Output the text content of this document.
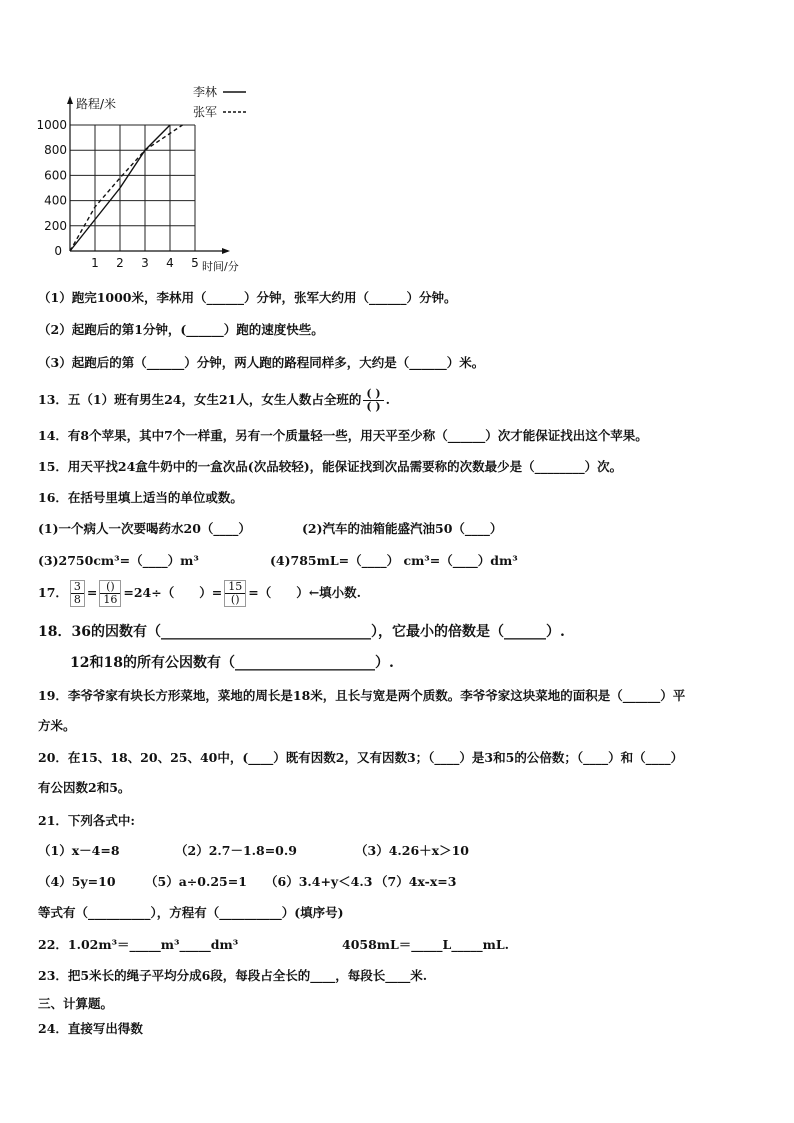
1000
800
600
400
200
1 2 3 4 5
0
路程/米
时间/分
李林
张军
（1）跑完1000米，李林用（______）分钟，张军大约用（______）分钟。
（2）起跑后的第1分钟，(______）跑的速度快些。
（3）起跑后的第（______）分钟，两人跑的路程同样多，大约是（______）米。
13．五（1）班有男生24，女生21人，女生人数占全班的 $\frac{( )}{( )}$ .
14．有8个苹果，其中7个一样重，另有一个质量轻一些，用天平至少称（______）次才能保证找出这个苹果。
15．用天平找24盒牛奶中的一盒次品(次品较轻)，能保证找到次品需要称的次数最少是（________）次。
16．在括号里填上适当的单位或数。
(1)一个病人一次要喝药水20（____）	(2)汽车的油箱能盛汽油50（____）
(3)2750cm³=（____）m³	(4)785mL=（____） cm³=（____）dm³
17． $\frac{3}{8} = \frac{()}{16} =24\div$（　　）= $\frac{15}{()}$ =（　　）←填小数.
18．36的因数有（______________________________），它最小的倍数是（______）.
12和18的所有公因数有（____________________）.
19．李爷爷家有块长方形菜地，菜地的周长是18米，且长与宽是两个质数。李爷爷家这块菜地的面积是（______）平
方米。
20．在15、18、20、25、40中，(____）既有因数2，又有因数3；（____）是3和5的公倍数；（____）和（____）
有公因数2和5。
21．下列各式中:
（1）x－4=8	（2）2.7－1.8=0.9	（3）4.26＋x＞10
（4）5y=10 （5）a÷0.25=1 （6）3.4+y＜4.3 （7）4x-x=3
等式有（__________），方程有（__________）(填序号)
22．1.02m³＝_____m³_____dm³	4058mL＝_____L_____mL.
23．把5米长的绳子平均分成6段，每段占全长的____，每段长____米.
三、计算题。
24．直接写出得数
